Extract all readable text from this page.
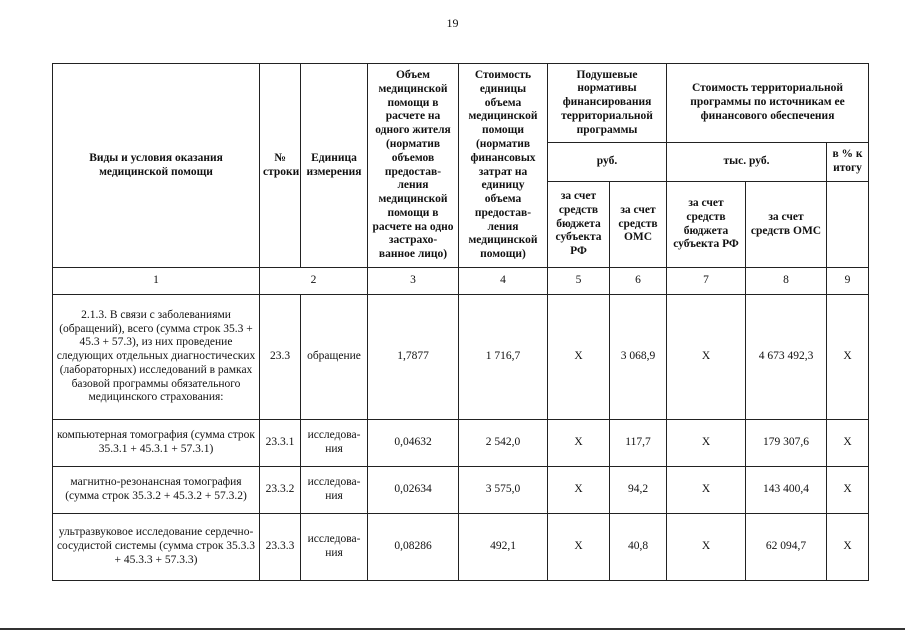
19
Виды и условия оказания медицинской помощи	№ строки	Единица измерения	Объем медицинской помощи в расчете на одного жителя (норматив объемов предостав-ления медицинской помощи в расчете на одно застрахо-ванное лицо)	Стоимость единицы объема медицинской помощи (норматив финансовых затрат на единицу объема предостав-ления медицинской помощи)	Подушевые нормативы финансирования территориальной программы		Стоимость территориальной программы по источникам ее финансового обеспечения		
					руб.		тыс. руб.		в % к итогу
					за счет средств бюджета субъекта РФ	за счет средств ОМС	за счет средств бюджета субъекта РФ	за счет средств ОМС	
1	2		3	4	5	6	7	8	9
2.1.3. В связи с заболеваниями (обращений), всего (сумма строк 35.3 + 45.3 + 57.3), из них проведение следующих отдельных диагностических (лабораторных) исследований в рамках базовой программы обязательного медицинского страхования:	23.3	обращение	1,7877	1 716,7	Х	3 068,9	Х	4 673 492,3	Х
компьютерная томография (сумма строк 35.3.1 + 45.3.1 + 57.3.1)	23.3.1	исследова-ния	0,04632	2 542,0	Х	117,7	Х	179 307,6	Х
магнитно-резонансная томография (сумма строк 35.3.2 + 45.3.2 + 57.3.2)	23.3.2	исследова-ния	0,02634	3 575,0	Х	94,2	Х	143 400,4	Х
ультразвуковое исследование сердечно-сосудистой системы (сумма строк 35.3.3 + 45.3.3 + 57.3.3)	23.3.3	исследова-ния	0,08286	492,1	Х	40,8	Х	62 094,7	Х
